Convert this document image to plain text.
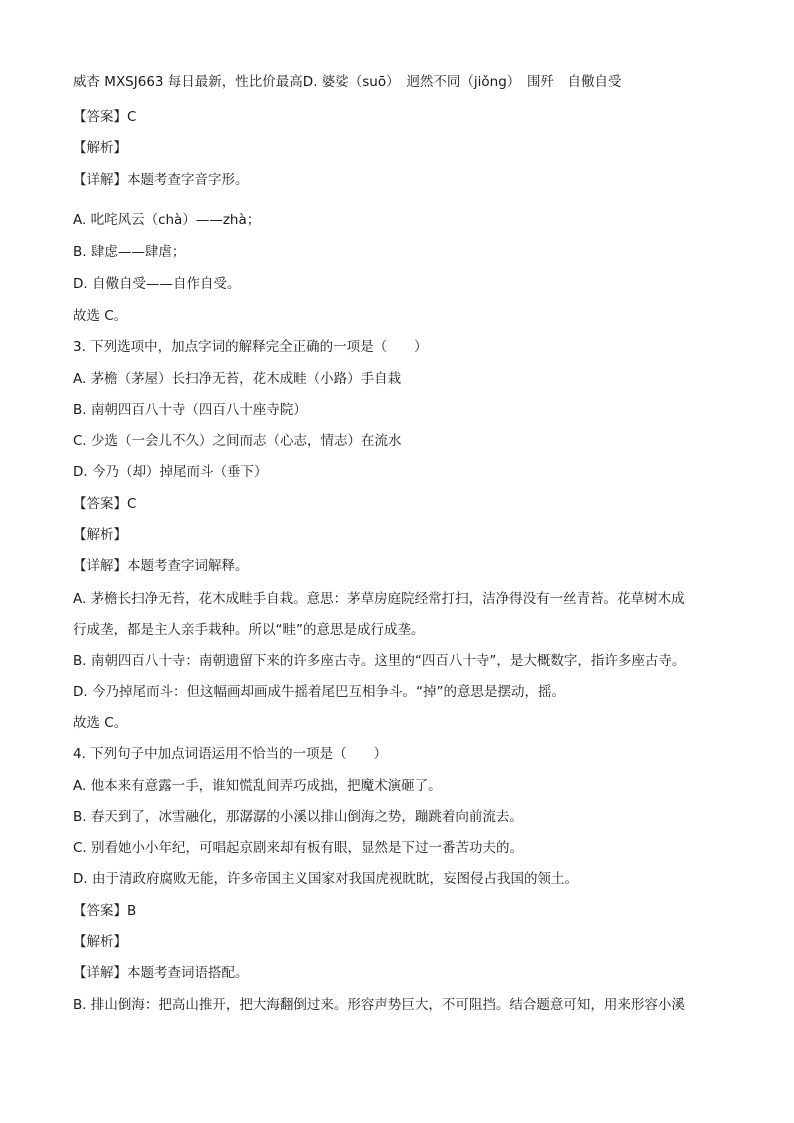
威杏 MXSJ663 每日最新，性比价最高D. 婆娑（suō）　迥然不同（jiǒng）　围歼　自儆自受
【答案】C
【解析】
【详解】本题考查字音字形。
A. 叱咤风云（chà）——zhà；
B. 肆虑——肆虐；
D. 自儆自受——自作自受。
故选 C。
3. 下列选项中，加点字词的解释完全正确的一项是（　　）
A. 茅檐（茅屋）长扫净无苔，花木成畦（小路）手自栽
B. 南朝四百八十寺（四百八十座寺院）
C. 少选（一会儿不久）之间而志（心志，情志）在流水
D. 今乃（却）掉尾而斗（垂下）
【答案】C
【解析】
【详解】本题考查字词解释。
A. 茅檐长扫净无苔，花木成畦手自栽。意思：茅草房庭院经常打扫，洁净得没有一丝青苔。花草树木成
行成垄，都是主人亲手栽种。所以“畦”的意思是成行成垄。
B. 南朝四百八十寺：南朝遗留下来的许多座古寺。这里的“四百八十寺”，是大概数字，指许多座古寺。
D. 今乃掉尾而斗：但这幅画却画成牛摇着尾巴互相争斗。“掉”的意思是摆动，摇。
故选 C。
4. 下列句子中加点词语运用不恰当的一项是（　　）
A. 他本来有意露一手，谁知慌乱间弄巧成拙，把魔术演砸了。
B. 春天到了，冰雪融化，那潺潺的小溪以排山倒海之势，蹦跳着向前流去。
C. 别看她小小年纪，可唱起京剧来却有板有眼，显然是下过一番苦功夫的。
D. 由于清政府腐败无能，许多帝国主义国家对我国虎视眈眈，妄图侵占我国的领土。
【答案】B
【解析】
【详解】本题考查词语搭配。
B. 排山倒海：把高山推开，把大海翻倒过来。形容声势巨大，不可阻挡。结合题意可知，用来形容小溪
